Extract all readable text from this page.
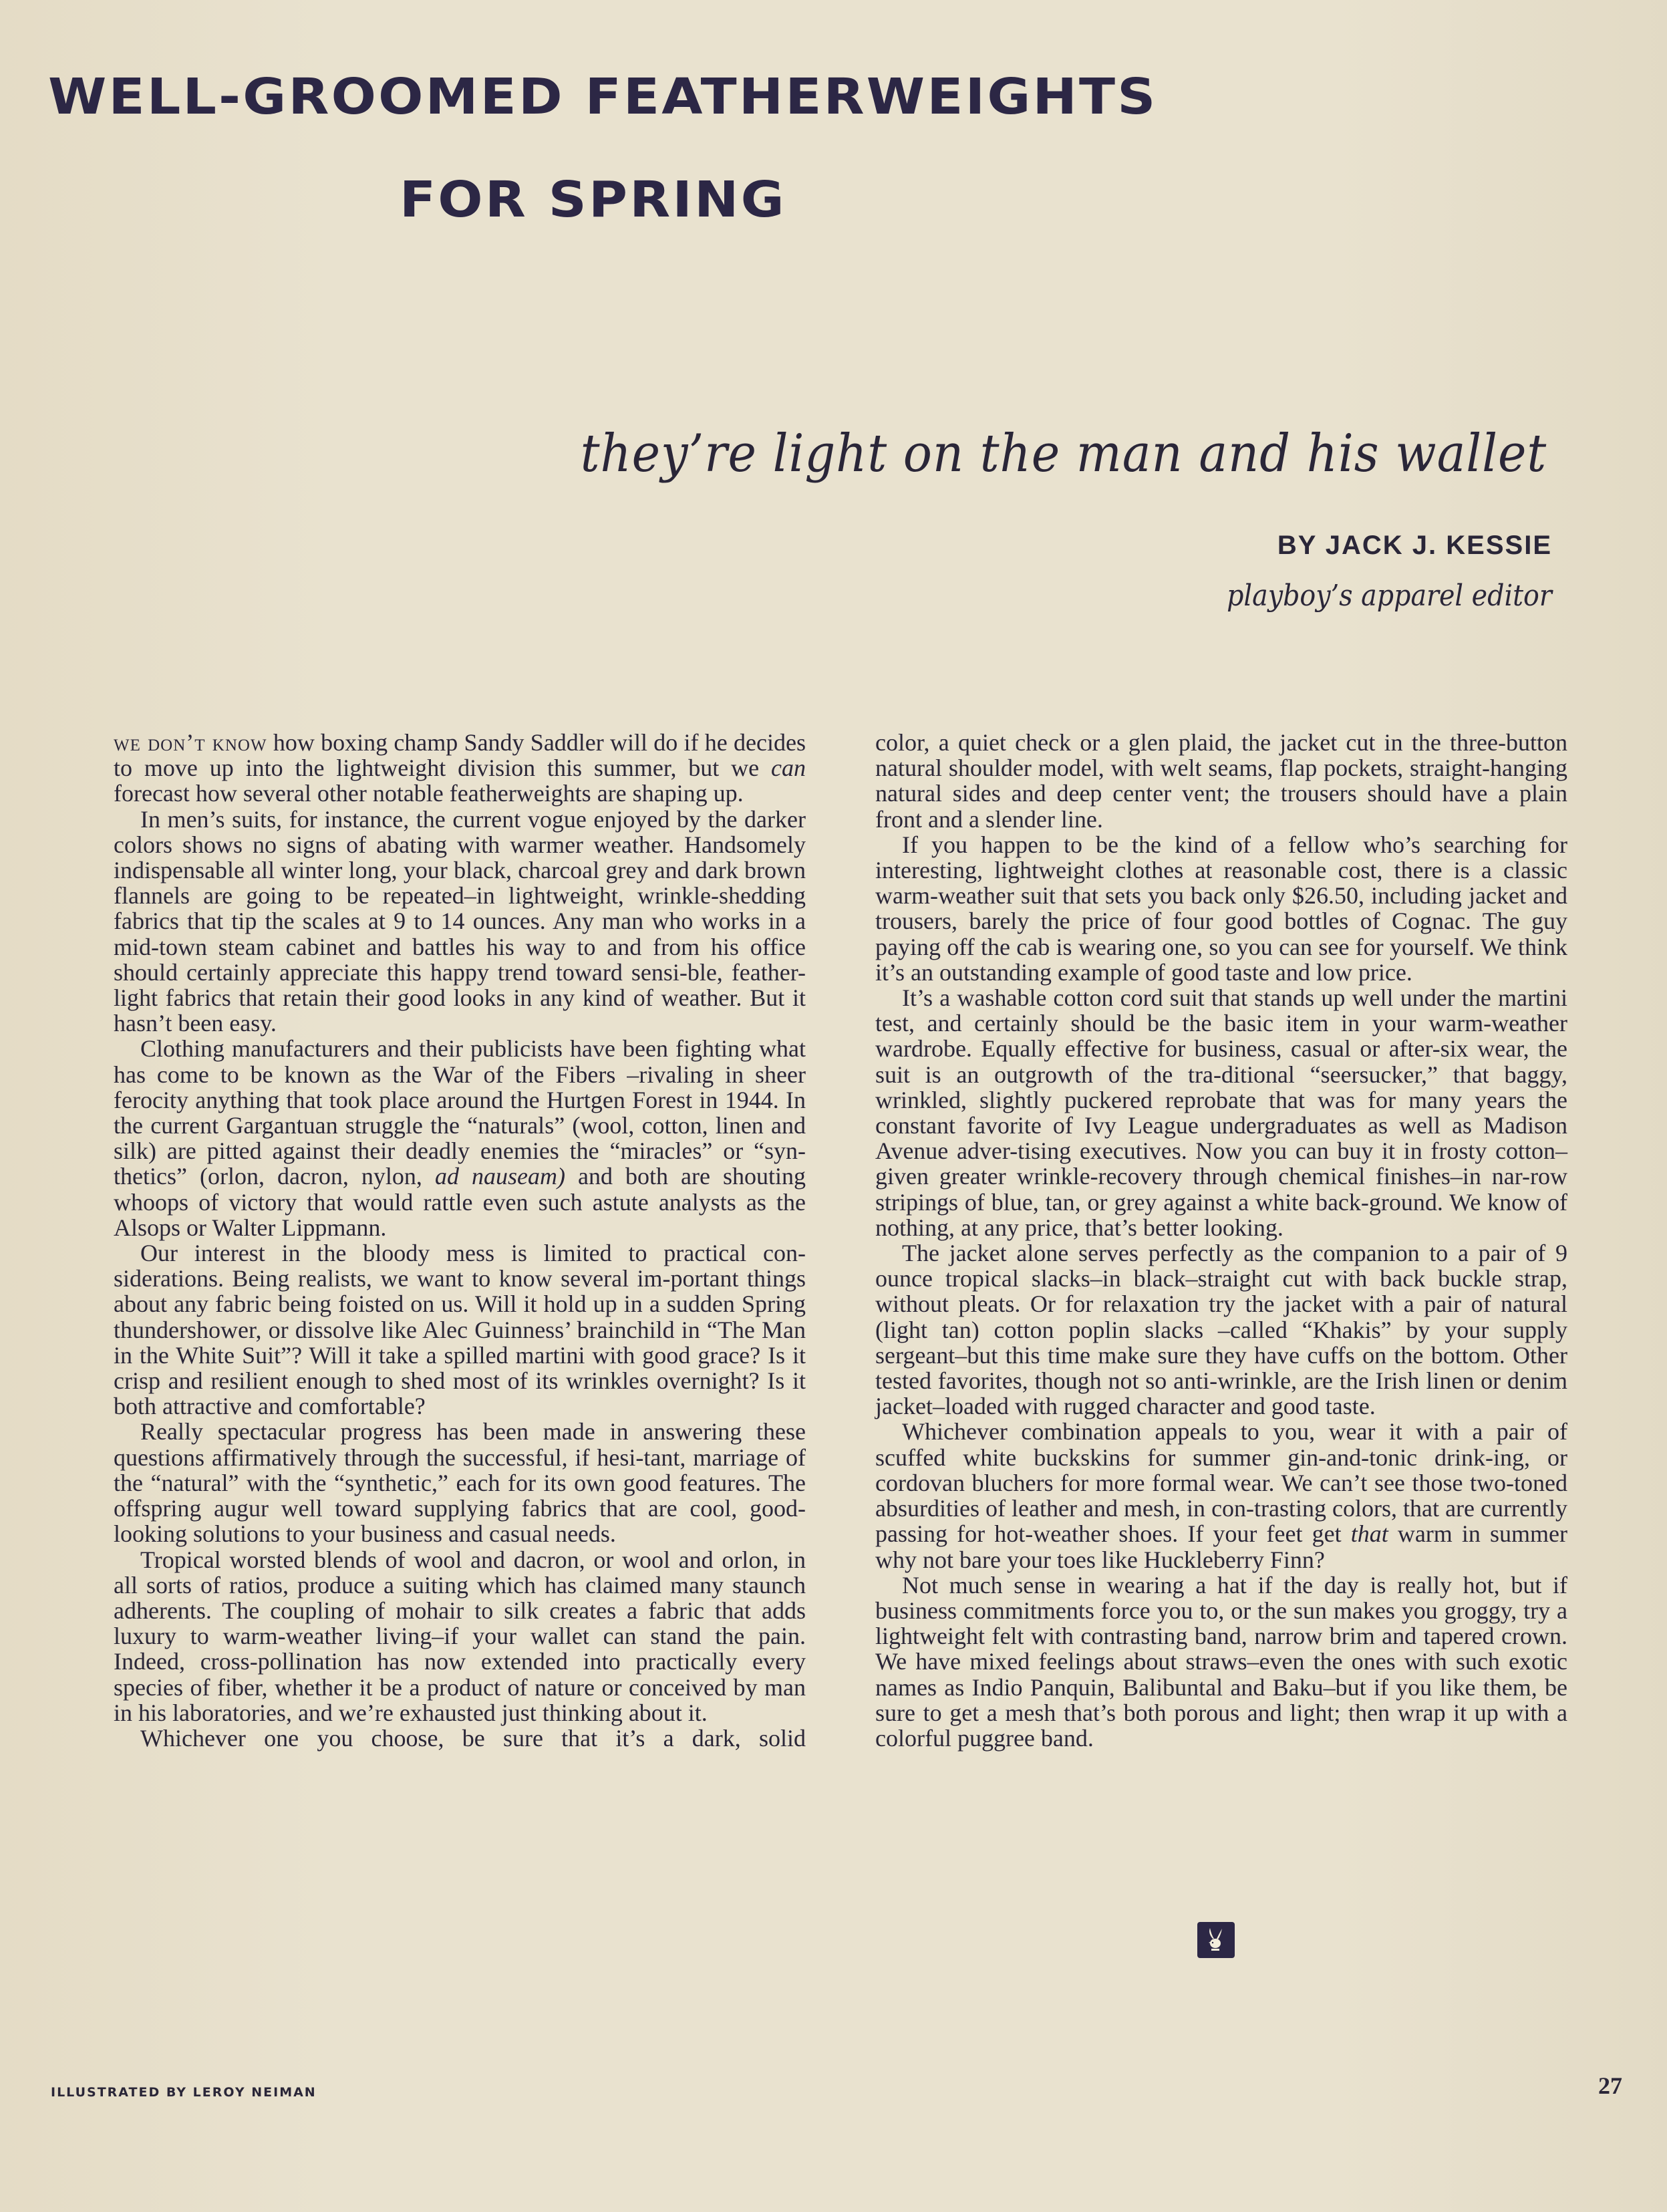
WELL-GROOMED FEATHERWEIGHTS
FOR SPRING
they’re light on the man and his wallet
BY JACK J. KESSIE
playboy’s apparel editor

we don’t know how boxing champ Sandy Saddler will do if he decides to move up into the lightweight division this summer, but we can forecast how several other notable featherweights are shaping up.

In men’s suits, for instance, the current vogue enjoyed by the darker colors shows no signs of abating with warmer weather. Handsomely indispensable all winter long, your black, charcoal grey and dark brown flannels are going to be repeated–in lightweight, wrinkle-shedding fabrics that tip the scales at 9 to 14 ounces. Any man who works in a mid-town steam cabinet and battles his way to and from his office should certainly appreciate this happy trend toward sensi-ble, feather-light fabrics that retain their good looks in any kind of weather. But it hasn’t been easy.

Clothing manufacturers and their publicists have been fighting what has come to be known as the War of the Fibers –rivaling in sheer ferocity anything that took place around the Hurtgen Forest in 1944. In the current Gargantuan struggle the “naturals” (wool, cotton, linen and silk) are pitted against their deadly enemies the “miracles” or “syn-thetics” (orlon, dacron, nylon, ad nauseam) and both are shouting whoops of victory that would rattle even such astute analysts as the Alsops or Walter Lippmann.

Our interest in the bloody mess is limited to practical con-siderations. Being realists, we want to know several im-portant things about any fabric being foisted on us. Will it hold up in a sudden Spring thundershower, or dissolve like Alec Guinness’ brainchild in “The Man in the White Suit”? Will it take a spilled martini with good grace? Is it crisp and resilient enough to shed most of its wrinkles overnight? Is it both attractive and comfortable?

Really spectacular progress has been made in answering these questions affirmatively through the successful, if hesi-tant, marriage of the “natural” with the “synthetic,” each for its own good features. The offspring augur well toward supplying fabrics that are cool, good-looking solutions to your business and casual needs.

Tropical worsted blends of wool and dacron, or wool and orlon, in all sorts of ratios, produce a suiting which has claimed many staunch adherents. The coupling of mohair to silk creates a fabric that adds luxury to warm-weather living–if your wallet can stand the pain. Indeed, cross-pollination has now extended into practically every species of fiber, whether it be a product of nature or conceived by man in his laboratories, and we’re exhausted just thinking about it.

Whichever one you choose, be sure that it’s a dark, solid

color, a quiet check or a glen plaid, the jacket cut in the three-button natural shoulder model, with welt seams, flap pockets, straight-hanging natural sides and deep center vent; the trousers should have a plain front and a slender line.

If you happen to be the kind of a fellow who’s searching for interesting, lightweight clothes at reasonable cost, there is a classic warm-weather suit that sets you back only $26.50, including jacket and trousers, barely the price of four good bottles of Cognac. The guy paying off the cab is wearing one, so you can see for yourself. We think it’s an outstanding example of good taste and low price.

It’s a washable cotton cord suit that stands up well under the martini test, and certainly should be the basic item in your warm-weather wardrobe. Equally effective for business, casual or after-six wear, the suit is an outgrowth of the tra-ditional “seersucker,” that baggy, wrinkled, slightly puckered reprobate that was for many years the constant favorite of Ivy League undergraduates as well as Madison Avenue adver-tising executives. Now you can buy it in frosty cotton–given greater wrinkle-recovery through chemical finishes–in nar-row stripings of blue, tan, or grey against a white back-ground. We know of nothing, at any price, that’s better looking.

The jacket alone serves perfectly as the companion to a pair of 9 ounce tropical slacks–in black–straight cut with back buckle strap, without pleats. Or for relaxation try the jacket with a pair of natural (light tan) cotton poplin slacks –called “Khakis” by your supply sergeant–but this time make sure they have cuffs on the bottom. Other tested favorites, though not so anti-wrinkle, are the Irish linen or denim jacket–loaded with rugged character and good taste.

Whichever combination appeals to you, wear it with a pair of scuffed white buckskins for summer gin-and-tonic drink-ing, or cordovan bluchers for more formal wear. We can’t see those two-toned absurdities of leather and mesh, in con-trasting colors, that are currently passing for hot-weather shoes. If your feet get that warm in summer why not bare your toes like Huckleberry Finn?

Not much sense in wearing a hat if the day is really hot, but if business commitments force you to, or the sun makes you groggy, try a lightweight felt with contrasting band, narrow brim and tapered crown. We have mixed feelings about straws–even the ones with such exotic names as Indio Panquin, Balibuntal and Baku–but if you like them, be sure to get a mesh that’s both porous and light; then wrap it up with a colorful puggree band.

ILLUSTRATED BY LEROY NEIMAN	27
